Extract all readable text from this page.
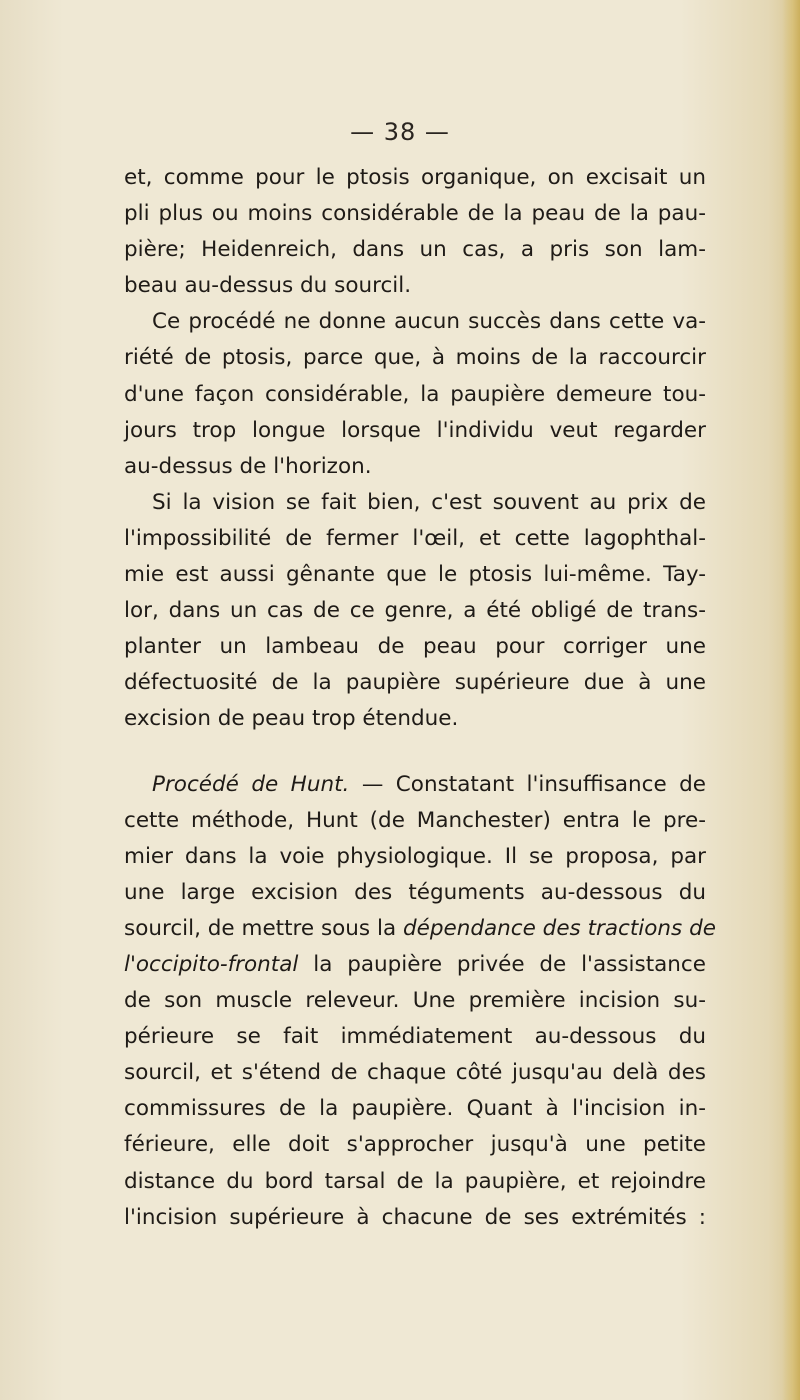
— 38 —
et, comme pour le ptosis organique, on excisait un
pli plus ou moins considérable de la peau de la pau-
pière; Heidenreich, dans un cas, a pris son lam-
beau au-dessus du sourcil.
Ce procédé ne donne aucun succès dans cette va-
riété de ptosis, parce que, à moins de la raccourcir
d'une façon considérable, la paupière demeure tou-
jours trop longue lorsque l'individu veut regarder
au-dessus de l'horizon.
Si la vision se fait bien, c'est souvent au prix de
l'impossibilité de fermer l'œil, et cette lagophthal-
mie est aussi gênante que le ptosis lui-même. Tay-
lor, dans un cas de ce genre, a été obligé de trans-
planter un lambeau de peau pour corriger une
défectuosité de la paupière supérieure due à une
excision de peau trop étendue.
Procédé de Hunt. — Constatant l'insuffisance de
cette méthode, Hunt (de Manchester) entra le pre-
mier dans la voie physiologique. Il se proposa, par
une large excision des téguments au-dessous du
sourcil, de mettre sous la dépendance des tractions de
l'occipito-frontal la paupière privée de l'assistance
de son muscle releveur. Une première incision su-
périeure se fait immédiatement au-dessous du
sourcil, et s'étend de chaque côté jusqu'au delà des
commissures de la paupière. Quant à l'incision in-
férieure, elle doit s'approcher jusqu'à une petite
distance du bord tarsal de la paupière, et rejoindre
l'incision supérieure à chacune de ses extrémités :
